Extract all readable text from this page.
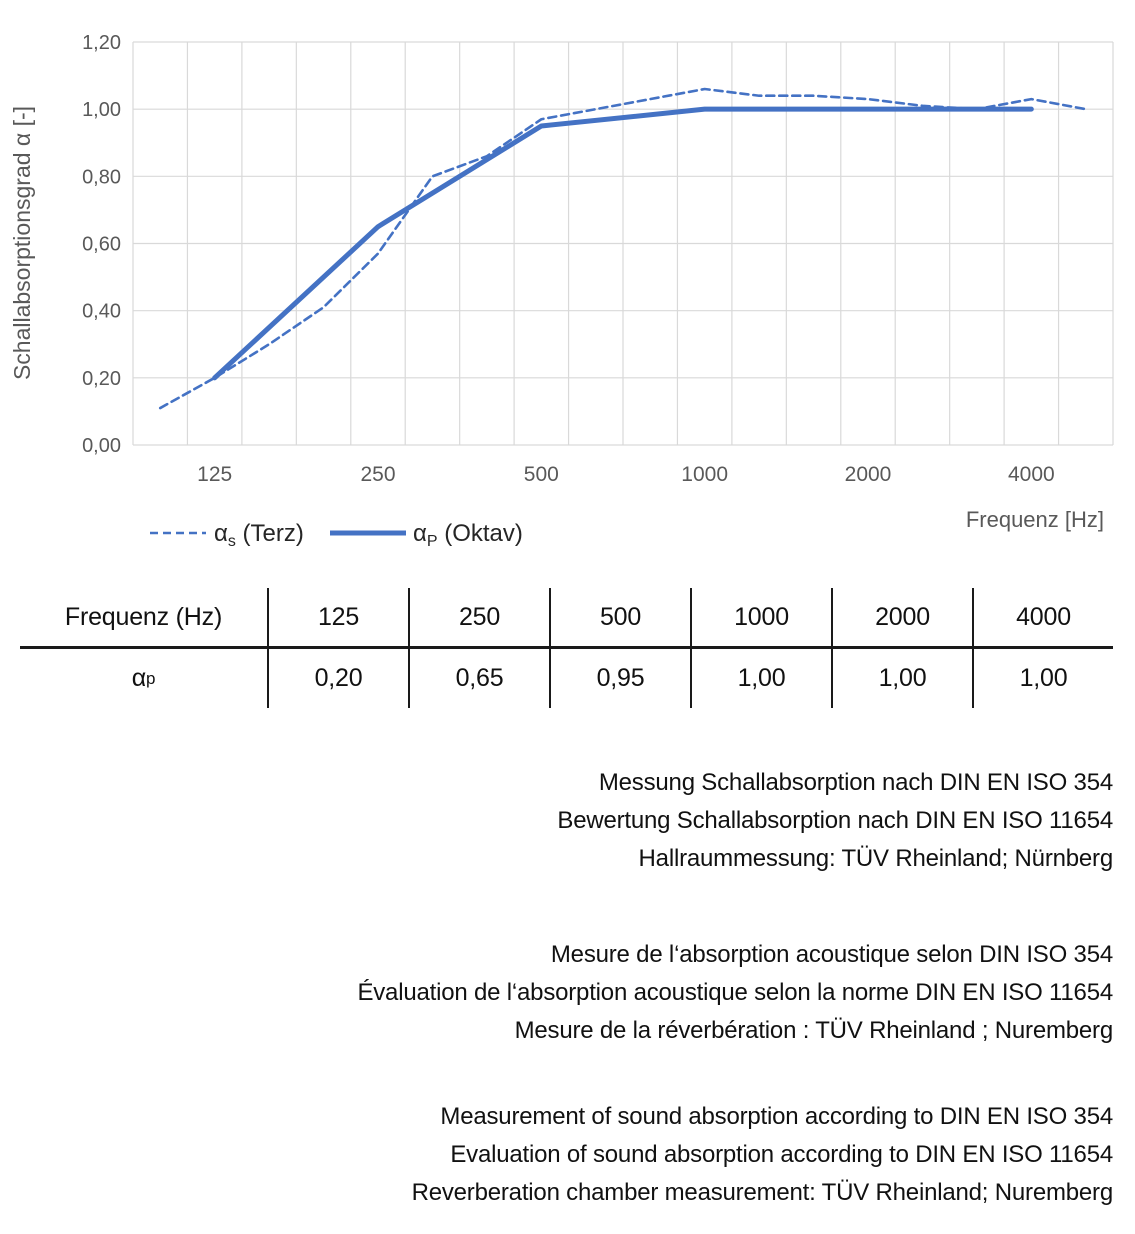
0,00
0,20
0,40
0,60
0,80
1,00
1,20
125	250	500	1000	2000	4000
Schallabsorptionsgrad α [-]
Frequenz [Hz]
$\alpha_s$ (Terz)	$\alpha_P$ (Oktav)
Frequenz (Hz)	125	250	500	1000	2000	4000
α p	0,20	0,65	0,95	1,00	1,00	1,00

Messung Schallabsorption nach DIN EN ISO 354

Bewertung Schallabsorption nach DIN EN ISO 11654

Hallraummessung: TÜV Rheinland; Nürnberg

Mesure de l‘absorption acoustique selon DIN ISO 354

Évaluation de l‘absorption acoustique selon la norme DIN EN ISO 11654

Mesure de la réverbération : TÜV Rheinland ; Nuremberg

Measurement of sound absorption according to DIN EN ISO 354

Evaluation of sound absorption according to DIN EN ISO 11654

Reverberation chamber measurement: TÜV Rheinland; Nuremberg
